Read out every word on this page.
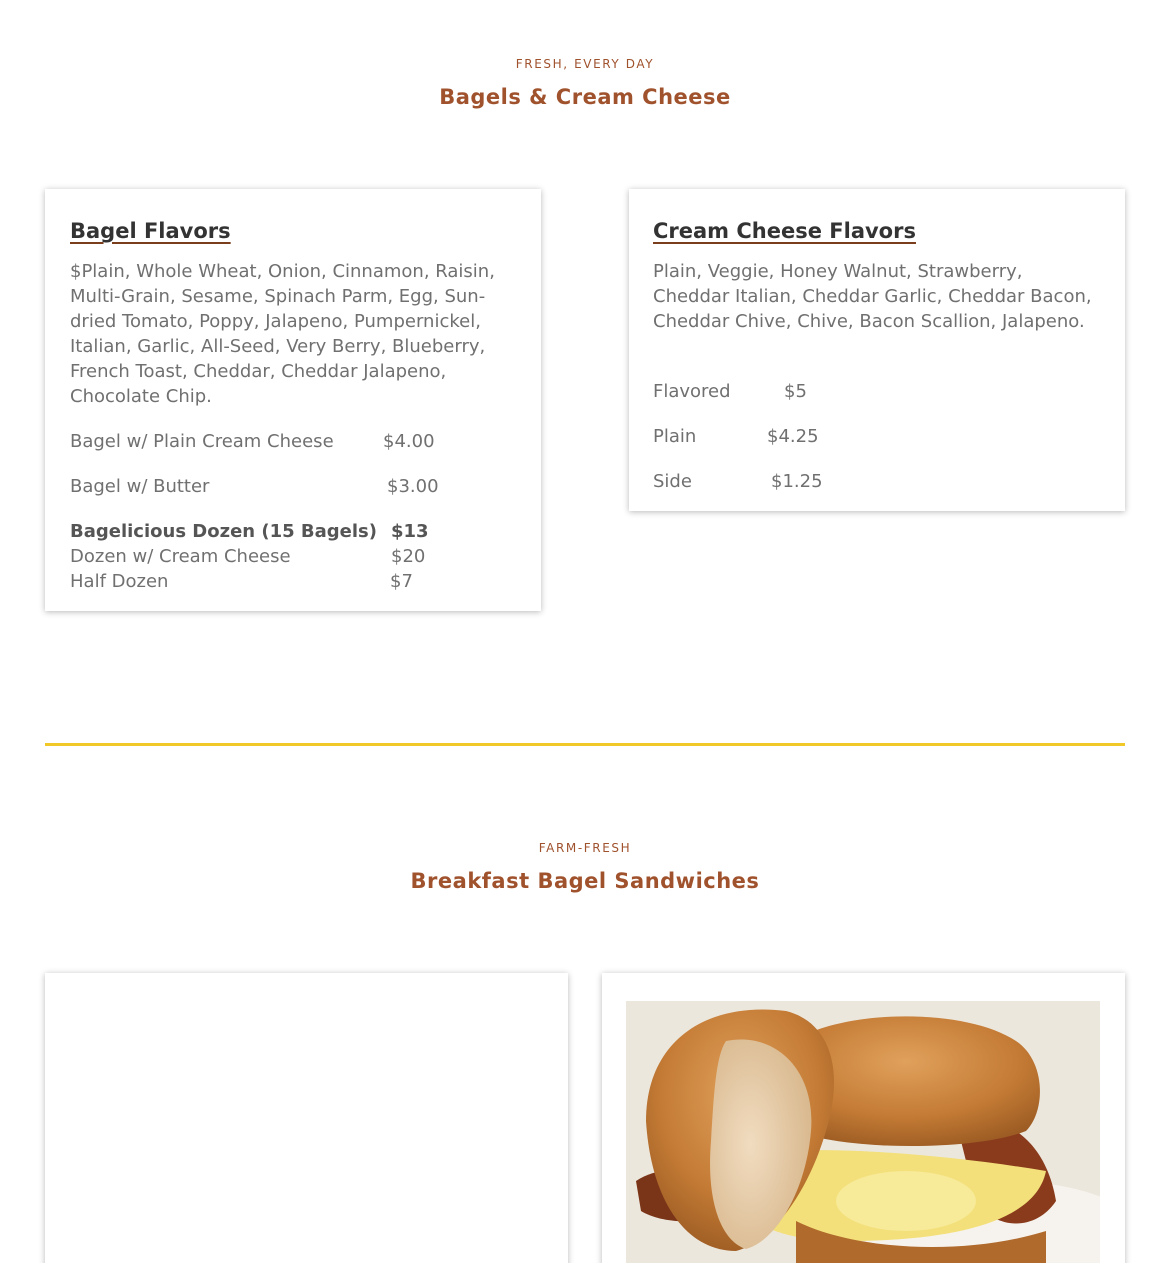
FRESH, EVERY DAY
Bagels & Cream Cheese
Bagel Flavors
$Plain, Whole Wheat, Onion, Cinnamon, Raisin, Multi-Grain, Sesame, Spinach Parm, Egg, Sun-dried Tomato, Poppy, Jalapeno, Pumpernickel, Italian, Garlic, All-Seed, Very Berry, Blueberry, French Toast, Cheddar, Cheddar Jalapeno, Chocolate Chip.
Bagel w/ Plain Cream Cheese	$4.00
Bagel w/ Butter	$3.00
Bagelicious Dozen (15 Bagels) $13
Dozen w/ Cream Cheese	$20
Half Dozen	$7
Cream Cheese Flavors
Plain, Veggie, Honey Walnut, Strawberry, Cheddar Italian, Cheddar Garlic, Cheddar Bacon, Cheddar Chive, Chive, Bacon Scallion, Jalapeno.
Flavored	$5
Plain	$4.25
Side	$1.25
FARM-FRESH
Breakfast Bagel Sandwiches
